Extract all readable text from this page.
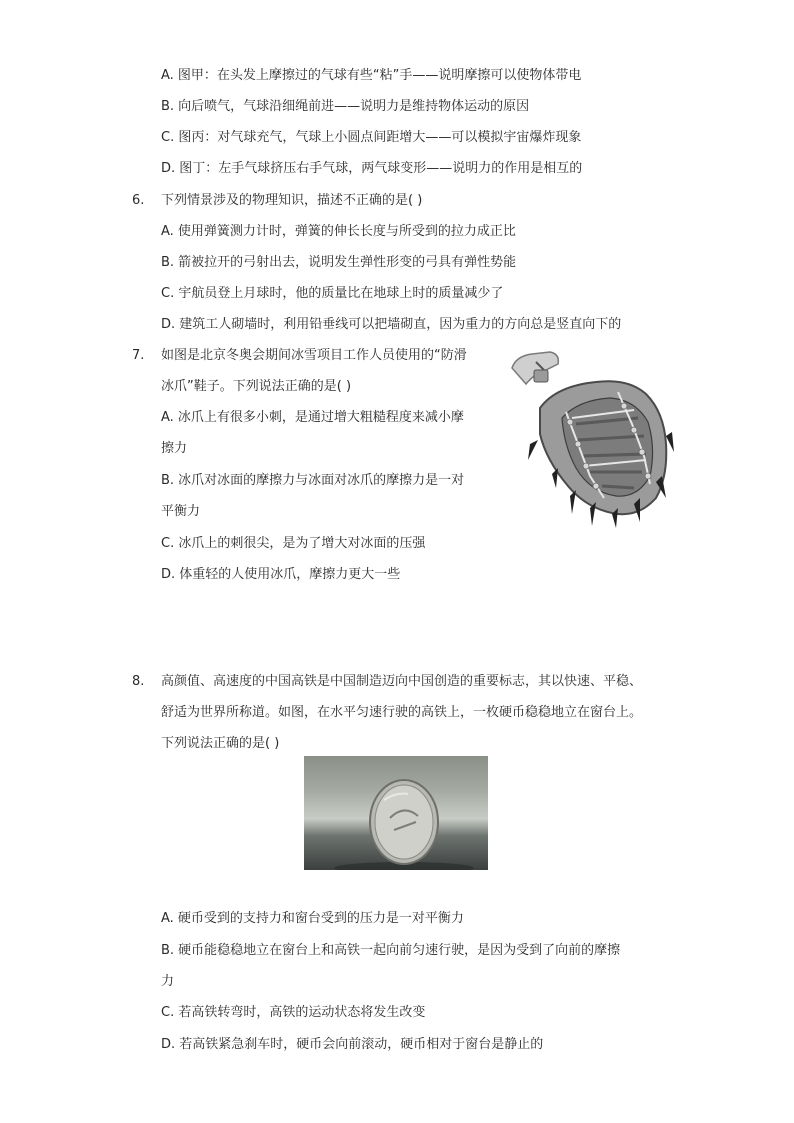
A. 图甲：在头发上摩擦过的气球有些“粘”手——说明摩擦可以使物体带电
B. 向后喷气，气球沿细绳前进——说明力是维持物体运动的原因
C. 图丙：对气球充气，气球上小圆点间距增大——可以模拟宇宙爆炸现象
D. 图丁：左手气球挤压右手气球，两气球变形——说明力的作用是相互的
6. 下列情景涉及的物理知识，描述不正确的是( )
A. 使用弹簧测力计时，弹簧的伸长长度与所受到的拉力成正比
B. 箭被拉开的弓射出去，说明发生弹性形变的弓具有弹性势能
C. 宇航员登上月球时，他的质量比在地球上时的质量减少了
D. 建筑工人砌墙时，利用铅垂线可以把墙砌直，因为重力的方向总是竖直向下的
7. 如图是北京冬奥会期间冰雪项目工作人员使用的“防滑
冰爪”鞋子。下列说法正确的是( )
A. 冰爪上有很多小刺，是通过增大粗糙程度来减小摩
擦力
B. 冰爪对冰面的摩擦力与冰面对冰爪的摩擦力是一对
平衡力
C. 冰爪上的刺很尖，是为了增大对冰面的压强
D. 体重轻的人使用冰爪，摩擦力更大一些
8. 高颜值、高速度的中国高铁是中国制造迈向中国创造的重要标志，其以快速、平稳、
舒适为世界所称道。如图，在水平匀速行驶的高铁上，一枚硬币稳稳地立在窗台上。
下列说法正确的是( )
A. 硬币受到的支持力和窗台受到的压力是一对平衡力
B. 硬币能稳稳地立在窗台上和高铁一起向前匀速行驶，是因为受到了向前的摩擦
力
C. 若高铁转弯时，高铁的运动状态将发生改变
D. 若高铁紧急刹车时，硬币会向前滚动，硬币相对于窗台是静止的
